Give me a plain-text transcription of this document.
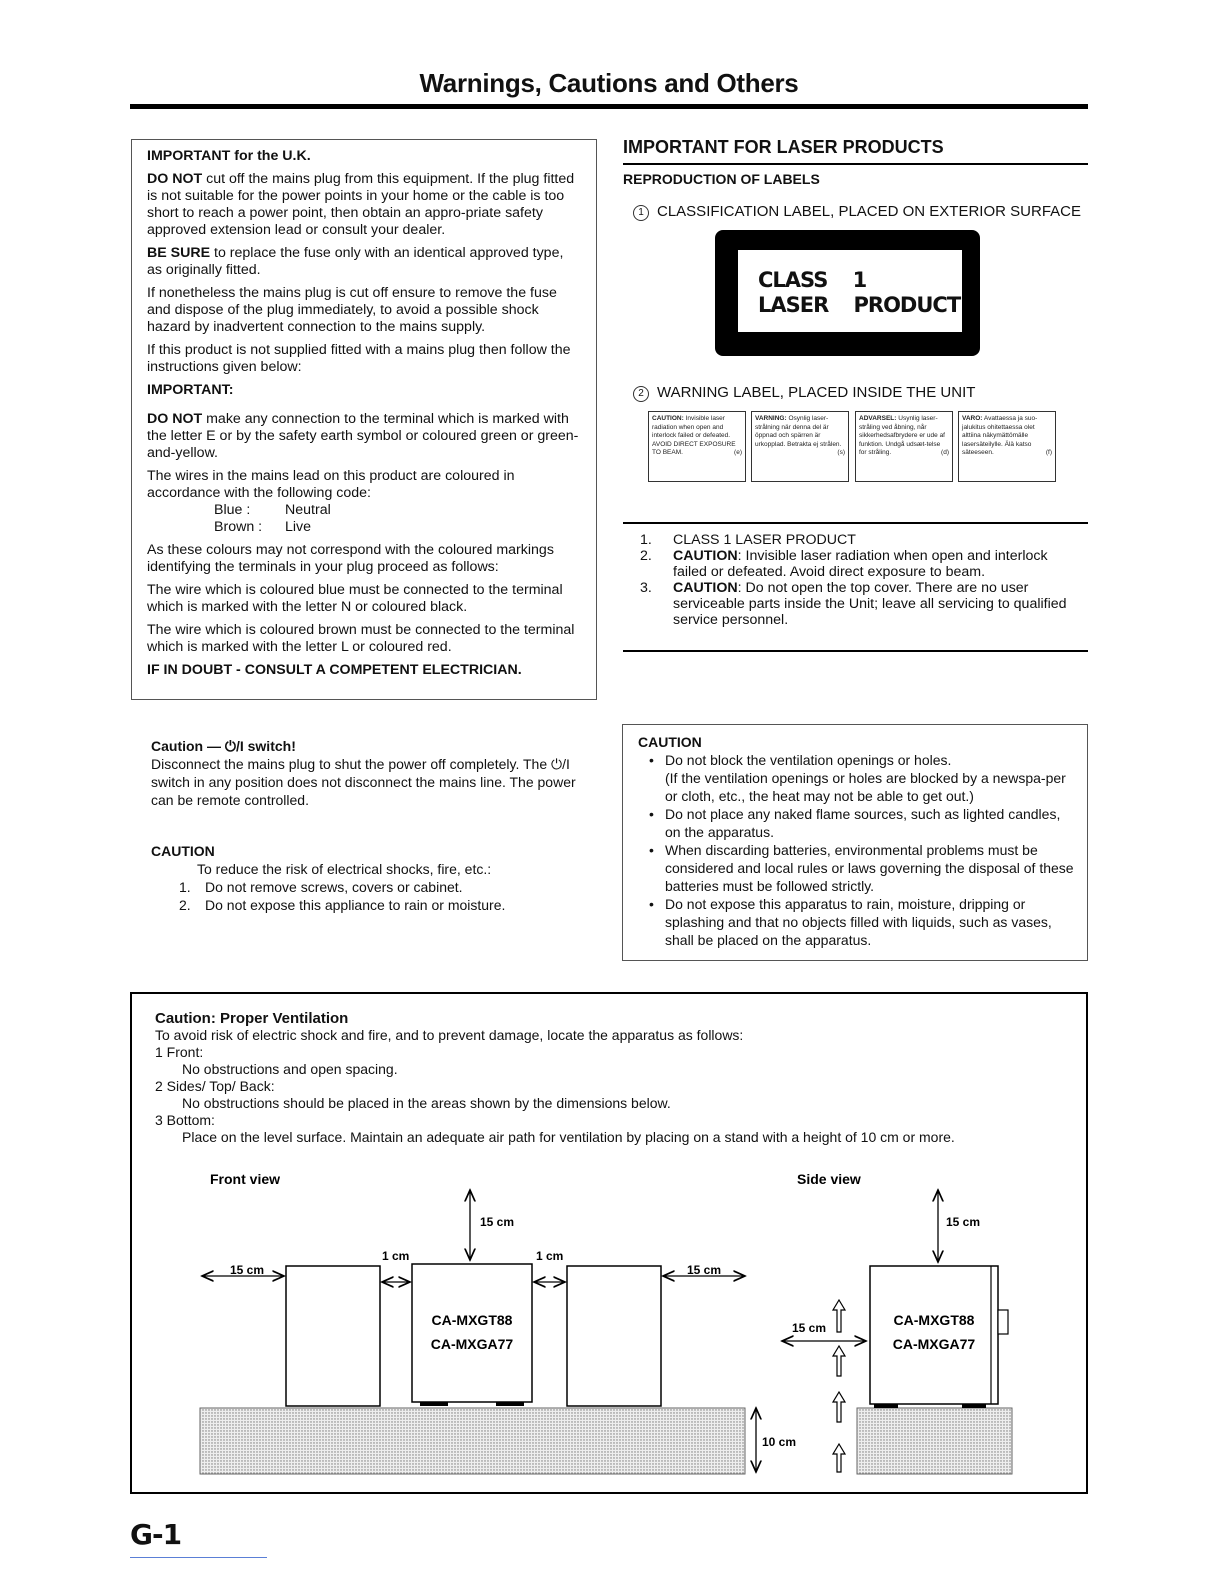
Warnings, Cautions and Others

IMPORTANT for the U.K.

DO NOT cut off the mains plug from this equipment. If the plug fitted is not suitable for the power points in your home or the cable is too short to reach a power point, then obtain an appro-priate safety approved extension lead or consult your dealer.

BE SURE to replace the fuse only with an identical approved type, as originally fitted.

If nonetheless the mains plug is cut off ensure to remove the fuse and dispose of the plug immediately, to avoid a possible shock hazard by inadvertent connection to the mains supply.

If this product is not supplied fitted with a mains plug then follow the instructions given below:

IMPORTANT:

DO NOT make any connection to the terminal which is marked with the letter E or by the safety earth symbol or coloured green or green-and-yellow.

The wires in the mains lead on this product are coloured in accordance with the following code:

Blue : Neutral

Brown : Live

As these colours may not correspond with the coloured markings identifying the terminals in your plug proceed as follows:

The wire which is coloured blue must be connected to the terminal which is marked with the letter N or coloured black.

The wire which is coloured brown must be connected to the terminal which is marked with the letter L or coloured red.

IF IN DOUBT - CONSULT A COMPETENT ELECTRICIAN.

IMPORTANT FOR LASER PRODUCTS
REPRODUCTION OF LABELS
1 CLASSIFICATION LABEL, PLACED ON EXTERIOR SURFACE
CLASS    1
LASER    PRODUCT
2 WARNING LABEL, PLACED INSIDE THE UNIT
CAUTION: Invisible laser radiation when open and interlock failed or defeated. AVOID DIRECT EXPOSURE TO BEAM.	(e)
VARNING: Osynlig laser-strålning när denna del är öppnad och spärren är urkopplad. Betrakta ej strålen.
(s)
ADVARSEL: Usynlig laser-stråling ved åbning, når sikkerhedsafbrydere er ude af funktion. Undgå udsæt-telse for stråling.	(d)
VARO: Avattaessa ja suo-jalukitus ohitettaessa olet alttiina näkymättömälle lasersäteilylle. Älä katso säteeseen.	(f)
1.	CLASS 1 LASER PRODUCT
2.	CAUTION: Invisible laser radiation when open and interlock failed or defeated. Avoid direct exposure to beam.
3.	CAUTION: Do not open the top cover. There are no user serviceable parts inside the Unit; leave all servicing to qualified service personnel.
Caution — ⏻/I switch!
Disconnect the mains plug to shut the power off completely. The ⏻/I switch in any position does not disconnect the mains line. The power can be remote controlled.
CAUTION
To reduce the risk of electrical shocks, fire, etc.:
1. Do not remove screws, covers or cabinet.
2. Do not expose this appliance to rain or moisture.
CAUTION
• Do not block the ventilation openings or holes.
(If the ventilation openings or holes are blocked by a newspa-per or cloth, etc., the heat may not be able to get out.)
• Do not place any naked flame sources, such as lighted candles, on the apparatus.
• When discarding batteries, environmental problems must be considered and local rules or laws governing the disposal of these batteries must be followed strictly.
• Do not expose this apparatus to rain, moisture, dripping or splashing and that no objects filled with liquids, such as vases, shall be placed on the apparatus.
Caution: Proper Ventilation
To avoid risk of electric shock and fire, and to prevent damage, locate the apparatus as follows:
1 Front:
No obstructions and open spacing.
2 Sides/ Top/ Back:
No obstructions should be placed in the areas shown by the dimensions below.
3 Bottom:
Place on the level surface. Maintain an adequate air path for ventilation by placing on a stand with a height of 10 cm or more.
Front view	Side view
CA-MXGT88
CA-MXGA77
15 cm
15 cm
1 cm	1 cm
15 cm
10 cm
CA-MXGT88
CA-MXGA77
15 cm
15 cm
G-1
